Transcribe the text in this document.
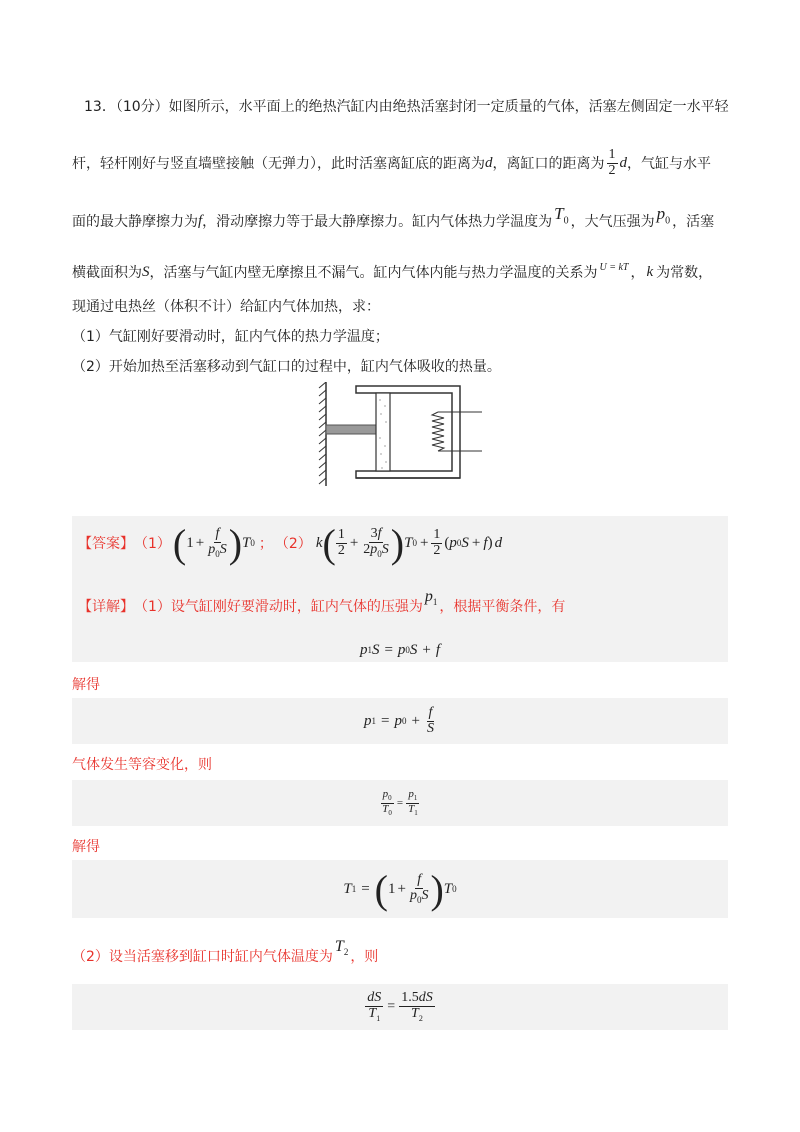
13．（10分）如图所示，水平面上的绝热汽缸内由绝热活塞封闭一定质量的气体，活塞左侧固定一水平轻
杆，轻杆刚好与竖直墙壁接触（无弹力），此时活塞离缸底的距离为 d ，离缸口的距离为 $\frac{1}{2}$ d ，气缸与水平
面的最大静摩擦力为 f ，滑动摩擦力等于最大静摩擦力。缸内气体热力学温度为 $T_0$ ，大气压强为 $p_0$ ，活塞
横截面积为 S ，活塞与气缸内壁无摩擦且不漏气。缸内气体内能与热力学温度的关系为 U = kT ， k 为常数，
现通过电热丝（体积不计）给缸内气体加热，求：
（1）气缸刚好要滑动时，缸内气体的热力学温度；
（2）开始加热至活塞移动到气缸口的过程中，缸内气体吸收的热量。
【答案】 （1） ( $1 + \frac{f}{p_0S}$ ) T 0 ； （2） k ( $\frac{1}{2} + \frac{3f}{2p_0S}$ ) T $0 + \frac{1}{2}$ ( p 0 S + f ) d
【详解】 （1）设气缸刚好要滑动时，缸内气体的压强为
$p_1$ ，根据平衡条件，有
p 1 S = p 0 S + f
解得
p 1 = p $0 + \frac{f}{S}$
气体发生等容变化，则
$\frac{p_0}{T_0} = \frac{p_1}{T_1}$
解得
T 1 = ( $1 + \frac{f}{p_0S}$ ) T 0
（2）设当活塞移到缸口时缸内气体温度为
$T_2$ ，则
$\frac{dS}{T_1} = \frac{1.5dS}{T_2}$
